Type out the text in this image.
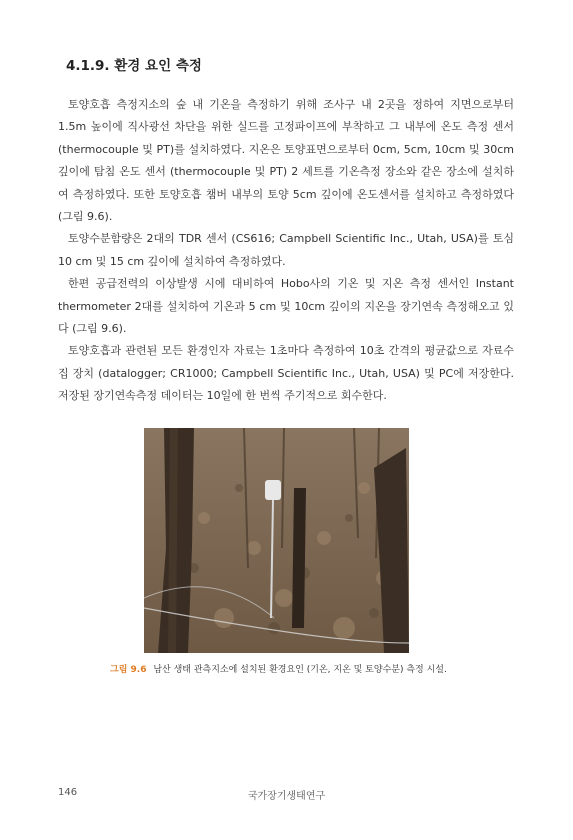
4.1.9. 환경 요인 측정

토양호흡 측정지소의 숲 내 기온을 측정하기 위해 조사구 내 2곳을 정하여 지면으로부터 1.5m 높이에 직사광선 차단을 위한 실드를 고정파이프에 부착하고 그 내부에 온도 측정 센서(thermocouple 및 PT)를 설치하였다. 지온은 토양표면으로부터 0cm, 5cm, 10cm 및 30cm 깊이에 탐침 온도 센서 (thermocouple 및 PT) 2 세트를 기온측정 장소와 같은 장소에 설치하여 측정하였다. 또한 토양호흡 챔버 내부의 토양 5cm 깊이에 온도센서를 설치하고 측정하였다 (그림 9.6).

토양수분함량은 2대의 TDR 센서 (CS616; Campbell Scientific Inc., Utah, USA)를 토심 10 cm 및 15 cm 깊이에 설치하여 측정하였다.

한편 공급전력의 이상발생 시에 대비하여 Hobo사의 기온 및 지온 측정 센서인 Instant thermometer 2대를 설치하여 기온과 5 cm 및 10cm 깊이의 지온을 장기연속 측정해오고 있다 (그림 9.6).

토양호흡과 관련된 모든 환경인자 자료는 1초마다 측정하여 10초 간격의 평균값으로 자료수집 장치 (datalogger; CR1000; Campbell Scientific Inc., Utah, USA) 및 PC에 저장한다. 저장된 장기연속측정 데이터는 10일에 한 번씩 주기적으로 회수한다.

그림 9.6 남산 생태 관측지소에 설치된 환경요인 (기온, 지온 및 토양수분) 측정 시설.
146	국가장기생태연구
